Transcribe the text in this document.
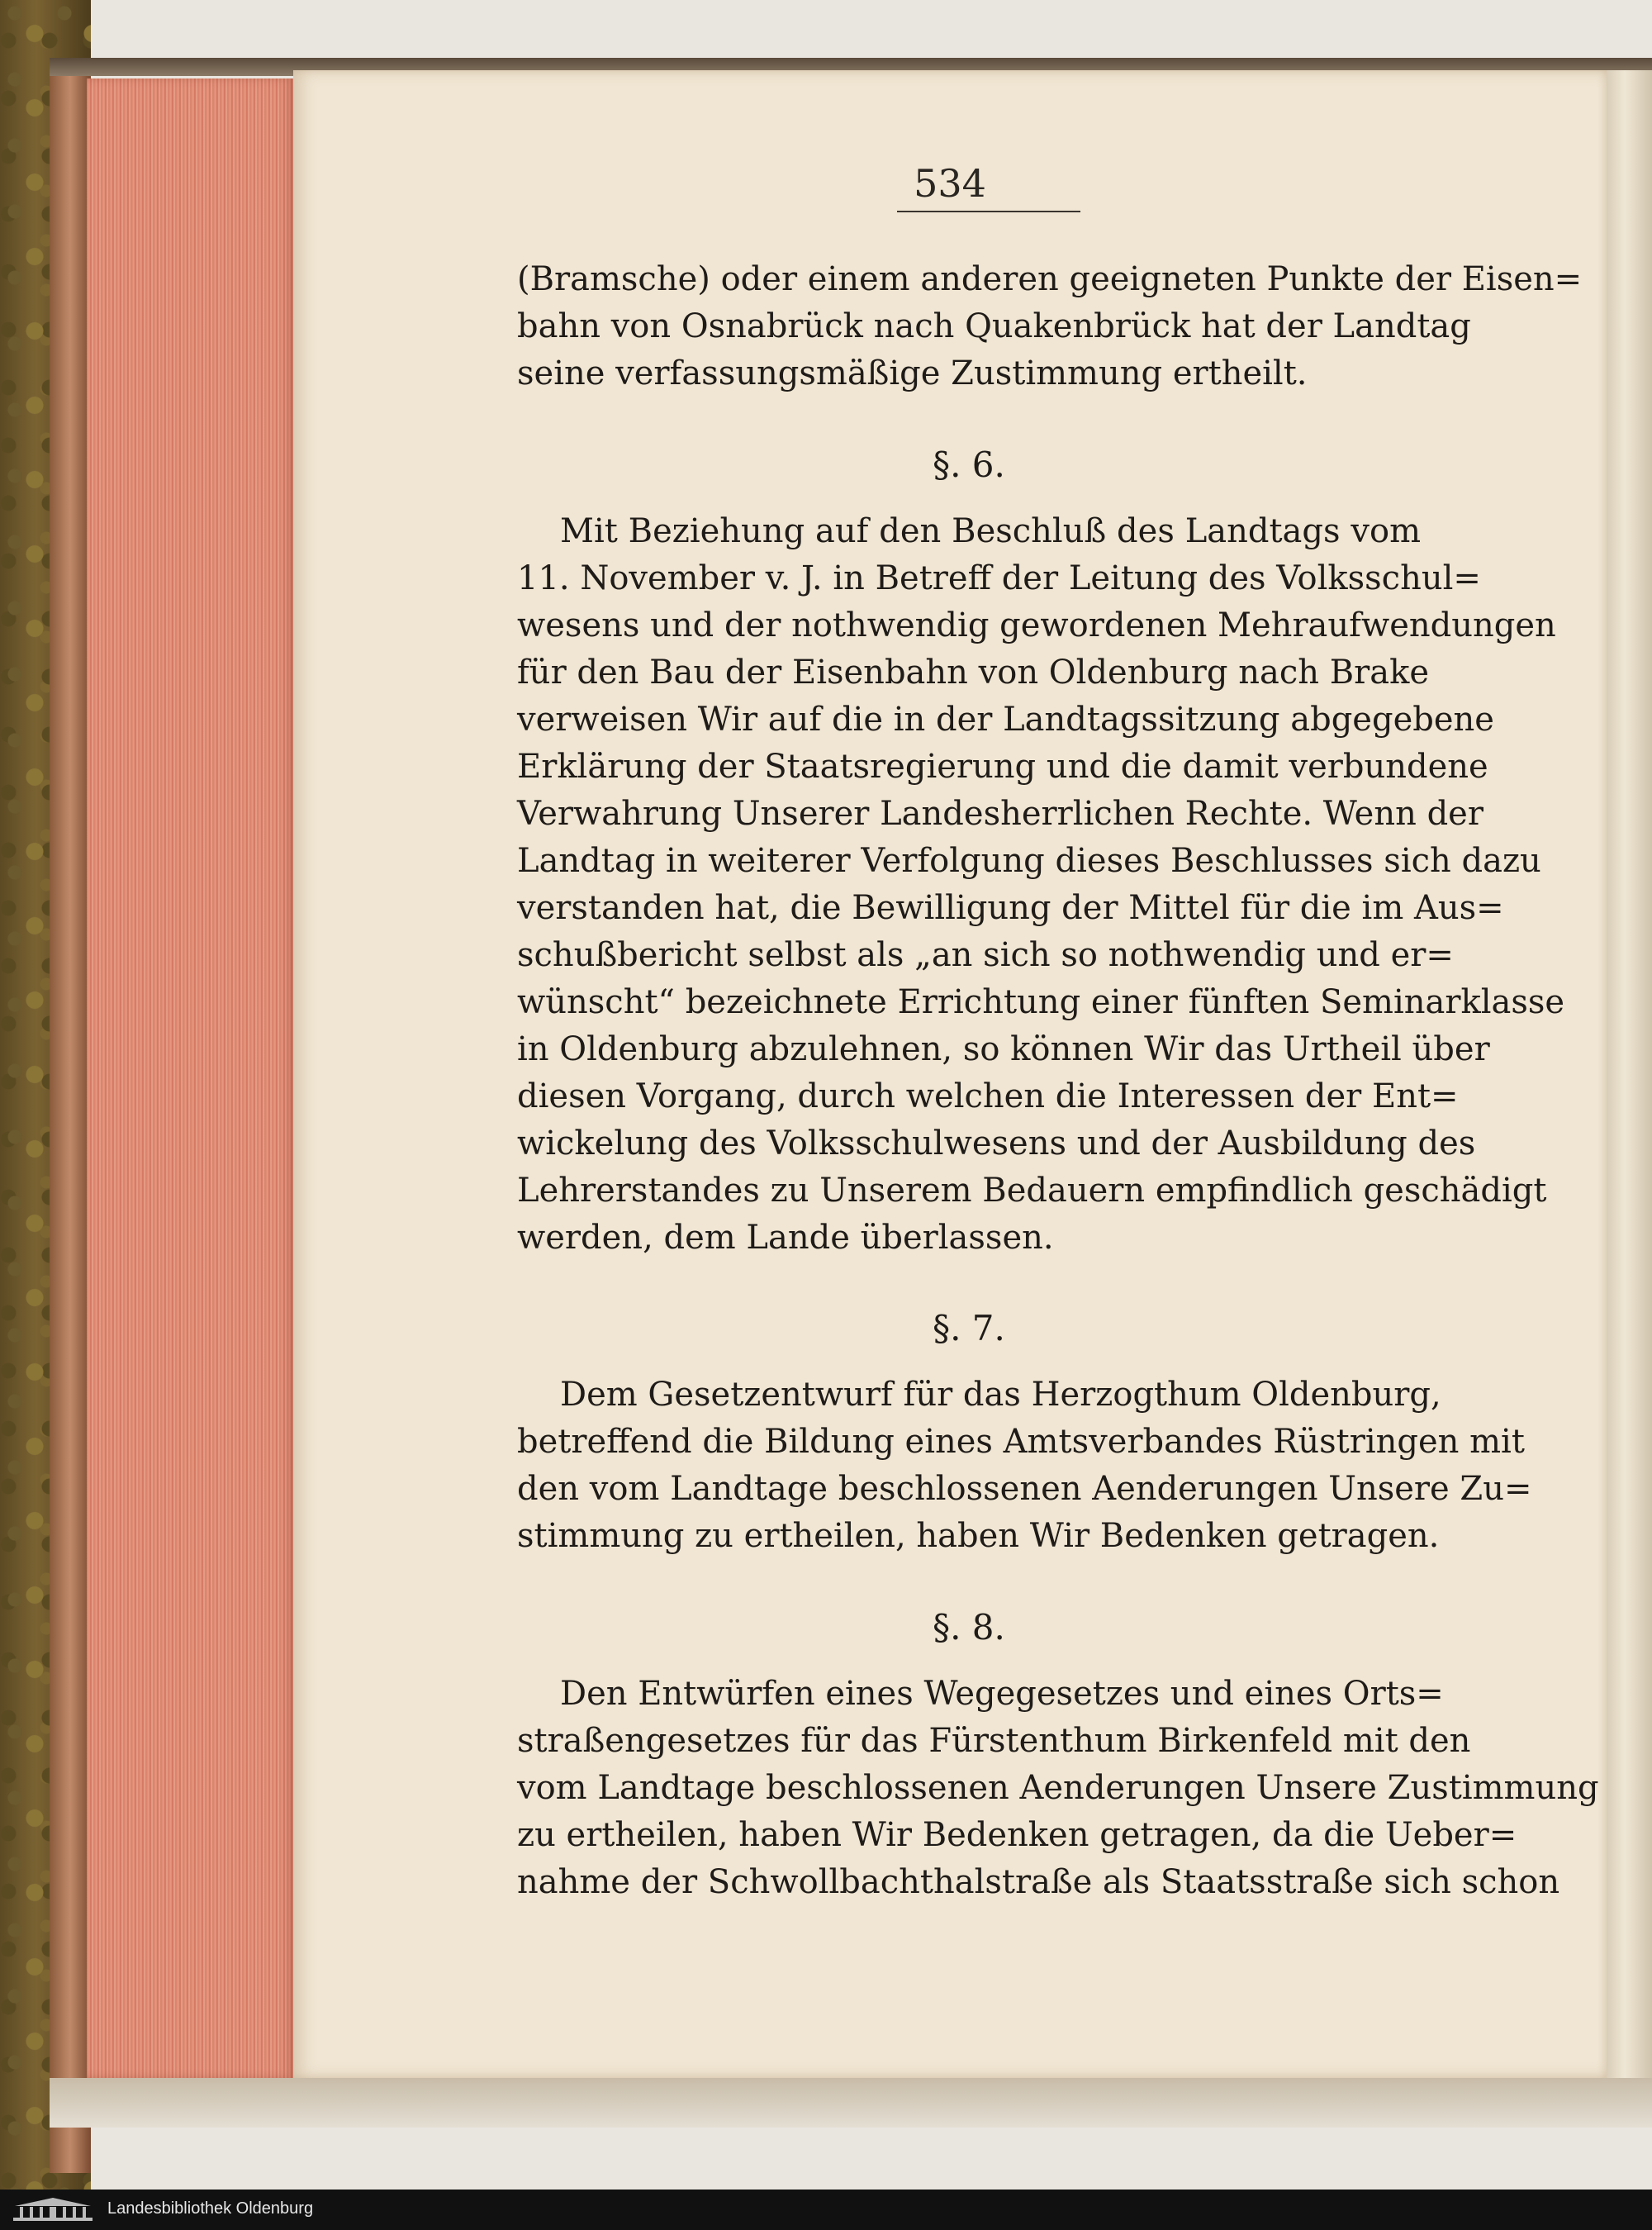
534
(Bramsche) oder einem anderen geeigneten Punkte der Eisen=
bahn von Osnabrück nach Quakenbrück hat der Landtag
seine verfassungsmäßige Zustimmung ertheilt.
§. 6.
Mit Beziehung auf den Beschluß des Landtags vom
11. November v. J. in Betreff der Leitung des Volksschul=
wesens und der nothwendig gewordenen Mehraufwendungen
für den Bau der Eisenbahn von Oldenburg nach Brake
verweisen Wir auf die in der Landtagssitzung abgegebene
Erklärung der Staatsregierung und die damit verbundene
Verwahrung Unserer Landesherrlichen Rechte. Wenn der
Landtag in weiterer Verfolgung dieses Beschlusses sich dazu
verstanden hat, die Bewilligung der Mittel für die im Aus=
schußbericht selbst als „an sich so nothwendig und er=
wünscht“ bezeichnete Errichtung einer fünften Seminarklasse
in Oldenburg abzulehnen, so können Wir das Urtheil über
diesen Vorgang, durch welchen die Interessen der Ent=
wickelung des Volksschulwesens und der Ausbildung des
Lehrerstandes zu Unserem Bedauern empfindlich geschädigt
werden, dem Lande überlassen.
§. 7.
Dem Gesetzentwurf für das Herzogthum Oldenburg,
betreffend die Bildung eines Amtsverbandes Rüstringen mit
den vom Landtage beschlossenen Aenderungen Unsere Zu=
stimmung zu ertheilen, haben Wir Bedenken getragen.
§. 8.
Den Entwürfen eines Wegegesetzes und eines Orts=
straßengesetzes für das Fürstenthum Birkenfeld mit den
vom Landtage beschlossenen Aenderungen Unsere Zustimmung
zu ertheilen, haben Wir Bedenken getragen, da die Ueber=
nahme der Schwollbachthalstraße als Staatsstraße sich schon
Landesbibliothek Oldenburg
